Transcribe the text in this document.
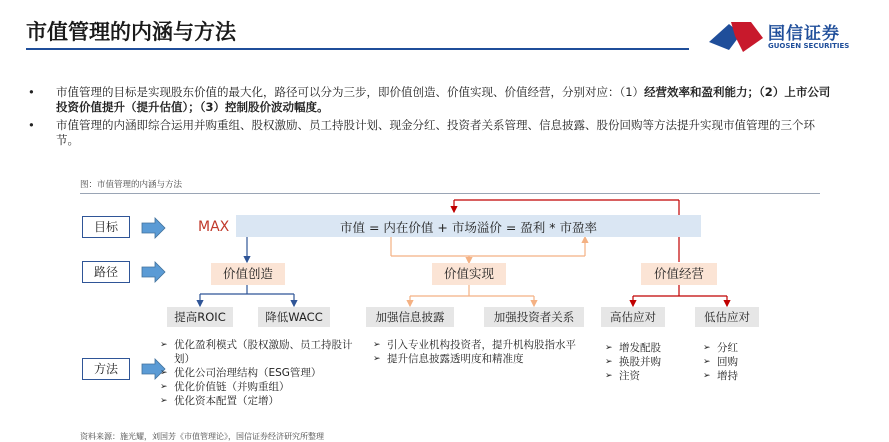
市值管理的内涵与方法	国信证券
GUOSEN SECURITIES
• 市值管理的目标是实现股东价值的最大化，路径可以分为三步，即价值创造、价值实现、价值经营，分别对应：（1）经营效率和盈利能力；（2）上市公司投资价值提升（提升估值）；（3）控制股价波动幅度。
• 市值管理的内涵即综合运用并购重组、股权激励、员工持股计划、现金分红、投资者关系管理、信息披露、股份回购等方法提升实现市值管理的三个环节。
图：市值管理的内涵与方法
目标
路径
方法
MAX	市值 = 内在价值 + 市场溢价 = 盈利 * 市盈率
价值创造	价值实现	价值经营
提高ROIC	降低WACC	加强信息披露	加强投资者关系	高估应对	低估应对
➢ 优化盈利模式（股权激励、员工持股计划）
➢ 优化公司治理结构（ESG管理）
➢ 优化价值链（并购重组）
➢ 优化资本配置（定增）
➢ 引入专业机构投资者，提升机构股指水平
➢ 提升信息披露透明度和精准度
➢ 增发配股
➢ 换股并购
➢ 注资
➢ 分红
➢ 回购
➢ 增持
资料来源：施光耀，刘国芳《市值管理论》，国信证券经济研究所整理
